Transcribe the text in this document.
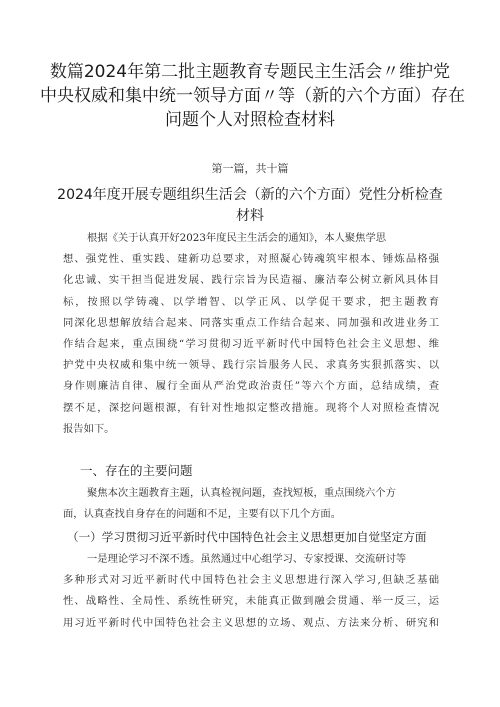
数篇2024年第二批主题教育专题民主生活会〃维护党
中央权威和集中统一领导方面〃等（新的六个方面）存在
问题个人对照检查材料
第一篇，共十篇
2024年度开展专题组织生活会（新的六个方面）党性分析检查
材料
根据《关于认真开好2023年度民主生活会的通知》，本人聚焦学思
想、强党性、重实践、建新功总要求，对照凝心铸魂筑牢根本、锤炼品格强
化忠诚、实干担当促进发展、践行宗旨为民造福、廉洁奉公树立新风具体目
标，按照以学铸魂、以学增智、以学正风、以学促干要求，把主题教育
同深化思想解放结合起来、同落实重点工作结合起来、同加强和改进业务工
作结合起来，重点围绕“学习贯彻习近平新时代中国特色社会主义思想、维
护党中央权威和集中统一领导、践行宗旨服务人民、求真务实狠抓落实、以
身作则廉洁自律、履行全面从严治党政治责任”等六个方面，总结成绩，查
摆不足，深挖问题根源，有针对性地拟定整改措施。现将个人对照检查情况
报告如下。
一、存在的主要问题
聚焦本次主题教育主题，认真检视问题，查找短板，重点围绕六个方
面，认真查找自身存在的问题和不足，主要有以下几个方面。
（一）学习贯彻习近平新时代中国特色社会主义思想更加自觉坚定方面
一是理论学习不深不透。虽然通过中心组学习、专家授课、交流研讨等
多种形式对习近平新时代中国特色社会主义思想进行深入学习,但缺乏基础
性、战略性、全局性、系统性研究，未能真正做到融会贯通、举一反三，运
用习近平新时代中国特色社会主义思想的立场、观点、方法来分析、研究和
